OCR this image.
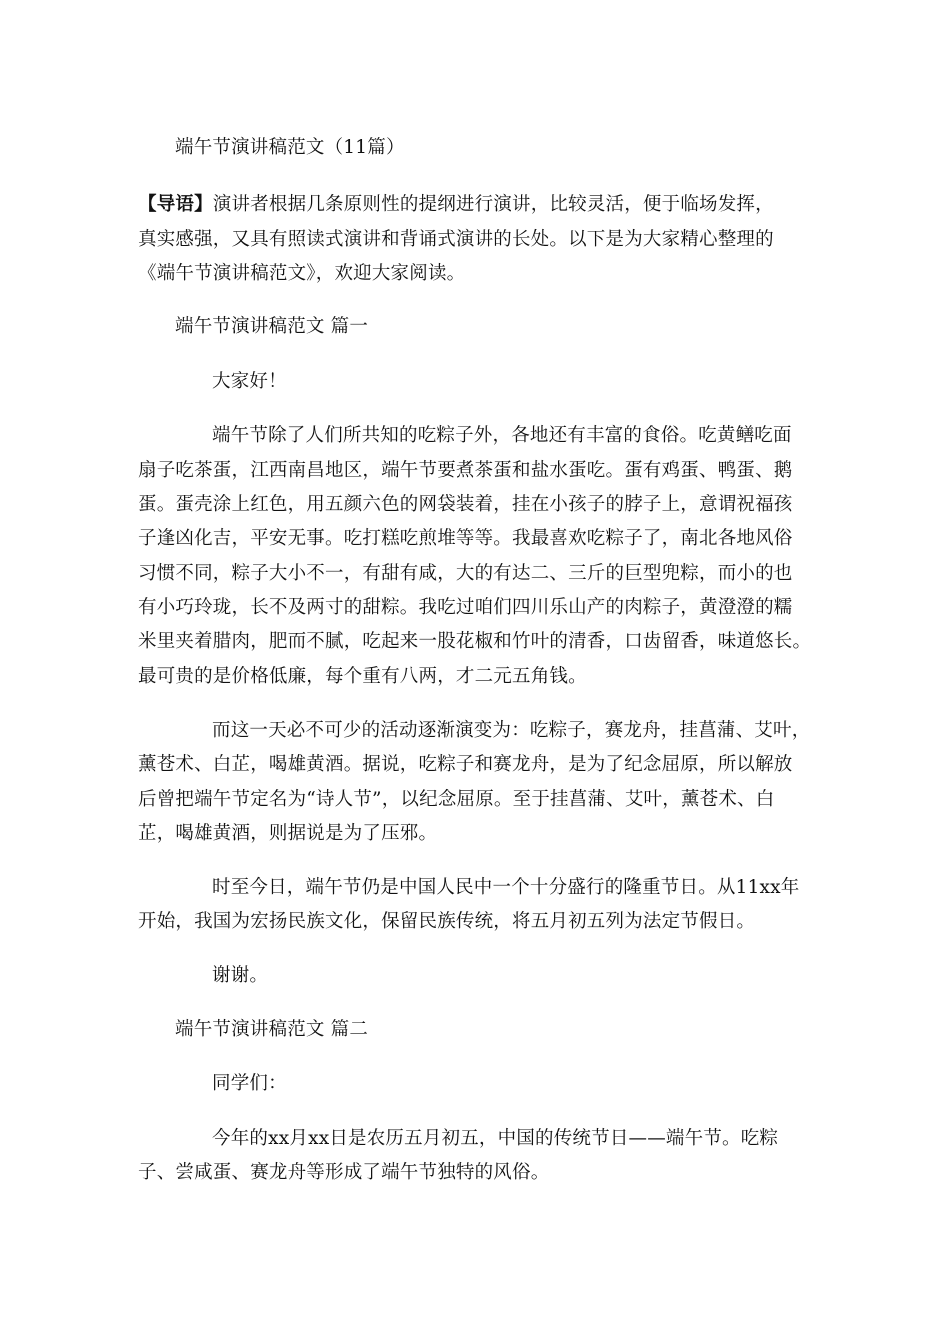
端午节演讲稿范文（11篇）

【导语】演讲者根据几条原则性的提纲进行演讲，比较灵活，便于临场发挥，

真实感强，又具有照读式演讲和背诵式演讲的长处。以下是为大家精心整理的

《端午节演讲稿范文》，欢迎大家阅读。

端午节演讲稿范文 篇一

大家好！

端午节除了人们所共知的吃粽子外，各地还有丰富的食俗。吃黄鳝吃面

扇子吃茶蛋，江西南昌地区，端午节要煮茶蛋和盐水蛋吃。蛋有鸡蛋、鸭蛋、鹅

蛋。蛋壳涂上红色，用五颜六色的网袋装着，挂在小孩子的脖子上，意谓祝福孩

子逢凶化吉，平安无事。吃打糕吃煎堆等等。我最喜欢吃粽子了，南北各地风俗

习惯不同，粽子大小不一，有甜有咸，大的有达二、三斤的巨型兜粽，而小的也

有小巧玲珑，长不及两寸的甜粽。我吃过咱们四川乐山产的肉粽子，黄澄澄的糯

米里夹着腊肉，肥而不腻，吃起来一股花椒和竹叶的清香，口齿留香，味道悠长。

最可贵的是价格低廉，每个重有八两，才二元五角钱。

而这一天必不可少的活动逐渐演变为：吃粽子，赛龙舟，挂菖蒲、艾叶，

薰苍术、白芷，喝雄黄酒。据说，吃粽子和赛龙舟，是为了纪念屈原，所以解放

后曾把端午节定名为“诗人节”，以纪念屈原。至于挂菖蒲、艾叶，薰苍术、白

芷，喝雄黄酒，则据说是为了压邪。

时至今日，端午节仍是中国人民中一个十分盛行的隆重节日。从11xx年

开始，我国为宏扬民族文化，保留民族传统，将五月初五列为法定节假日。

谢谢。

端午节演讲稿范文 篇二

同学们：

今年的xx月xx日是农历五月初五，中国的传统节日——端午节。吃粽

子、尝咸蛋、赛龙舟等形成了端午节独特的风俗。
